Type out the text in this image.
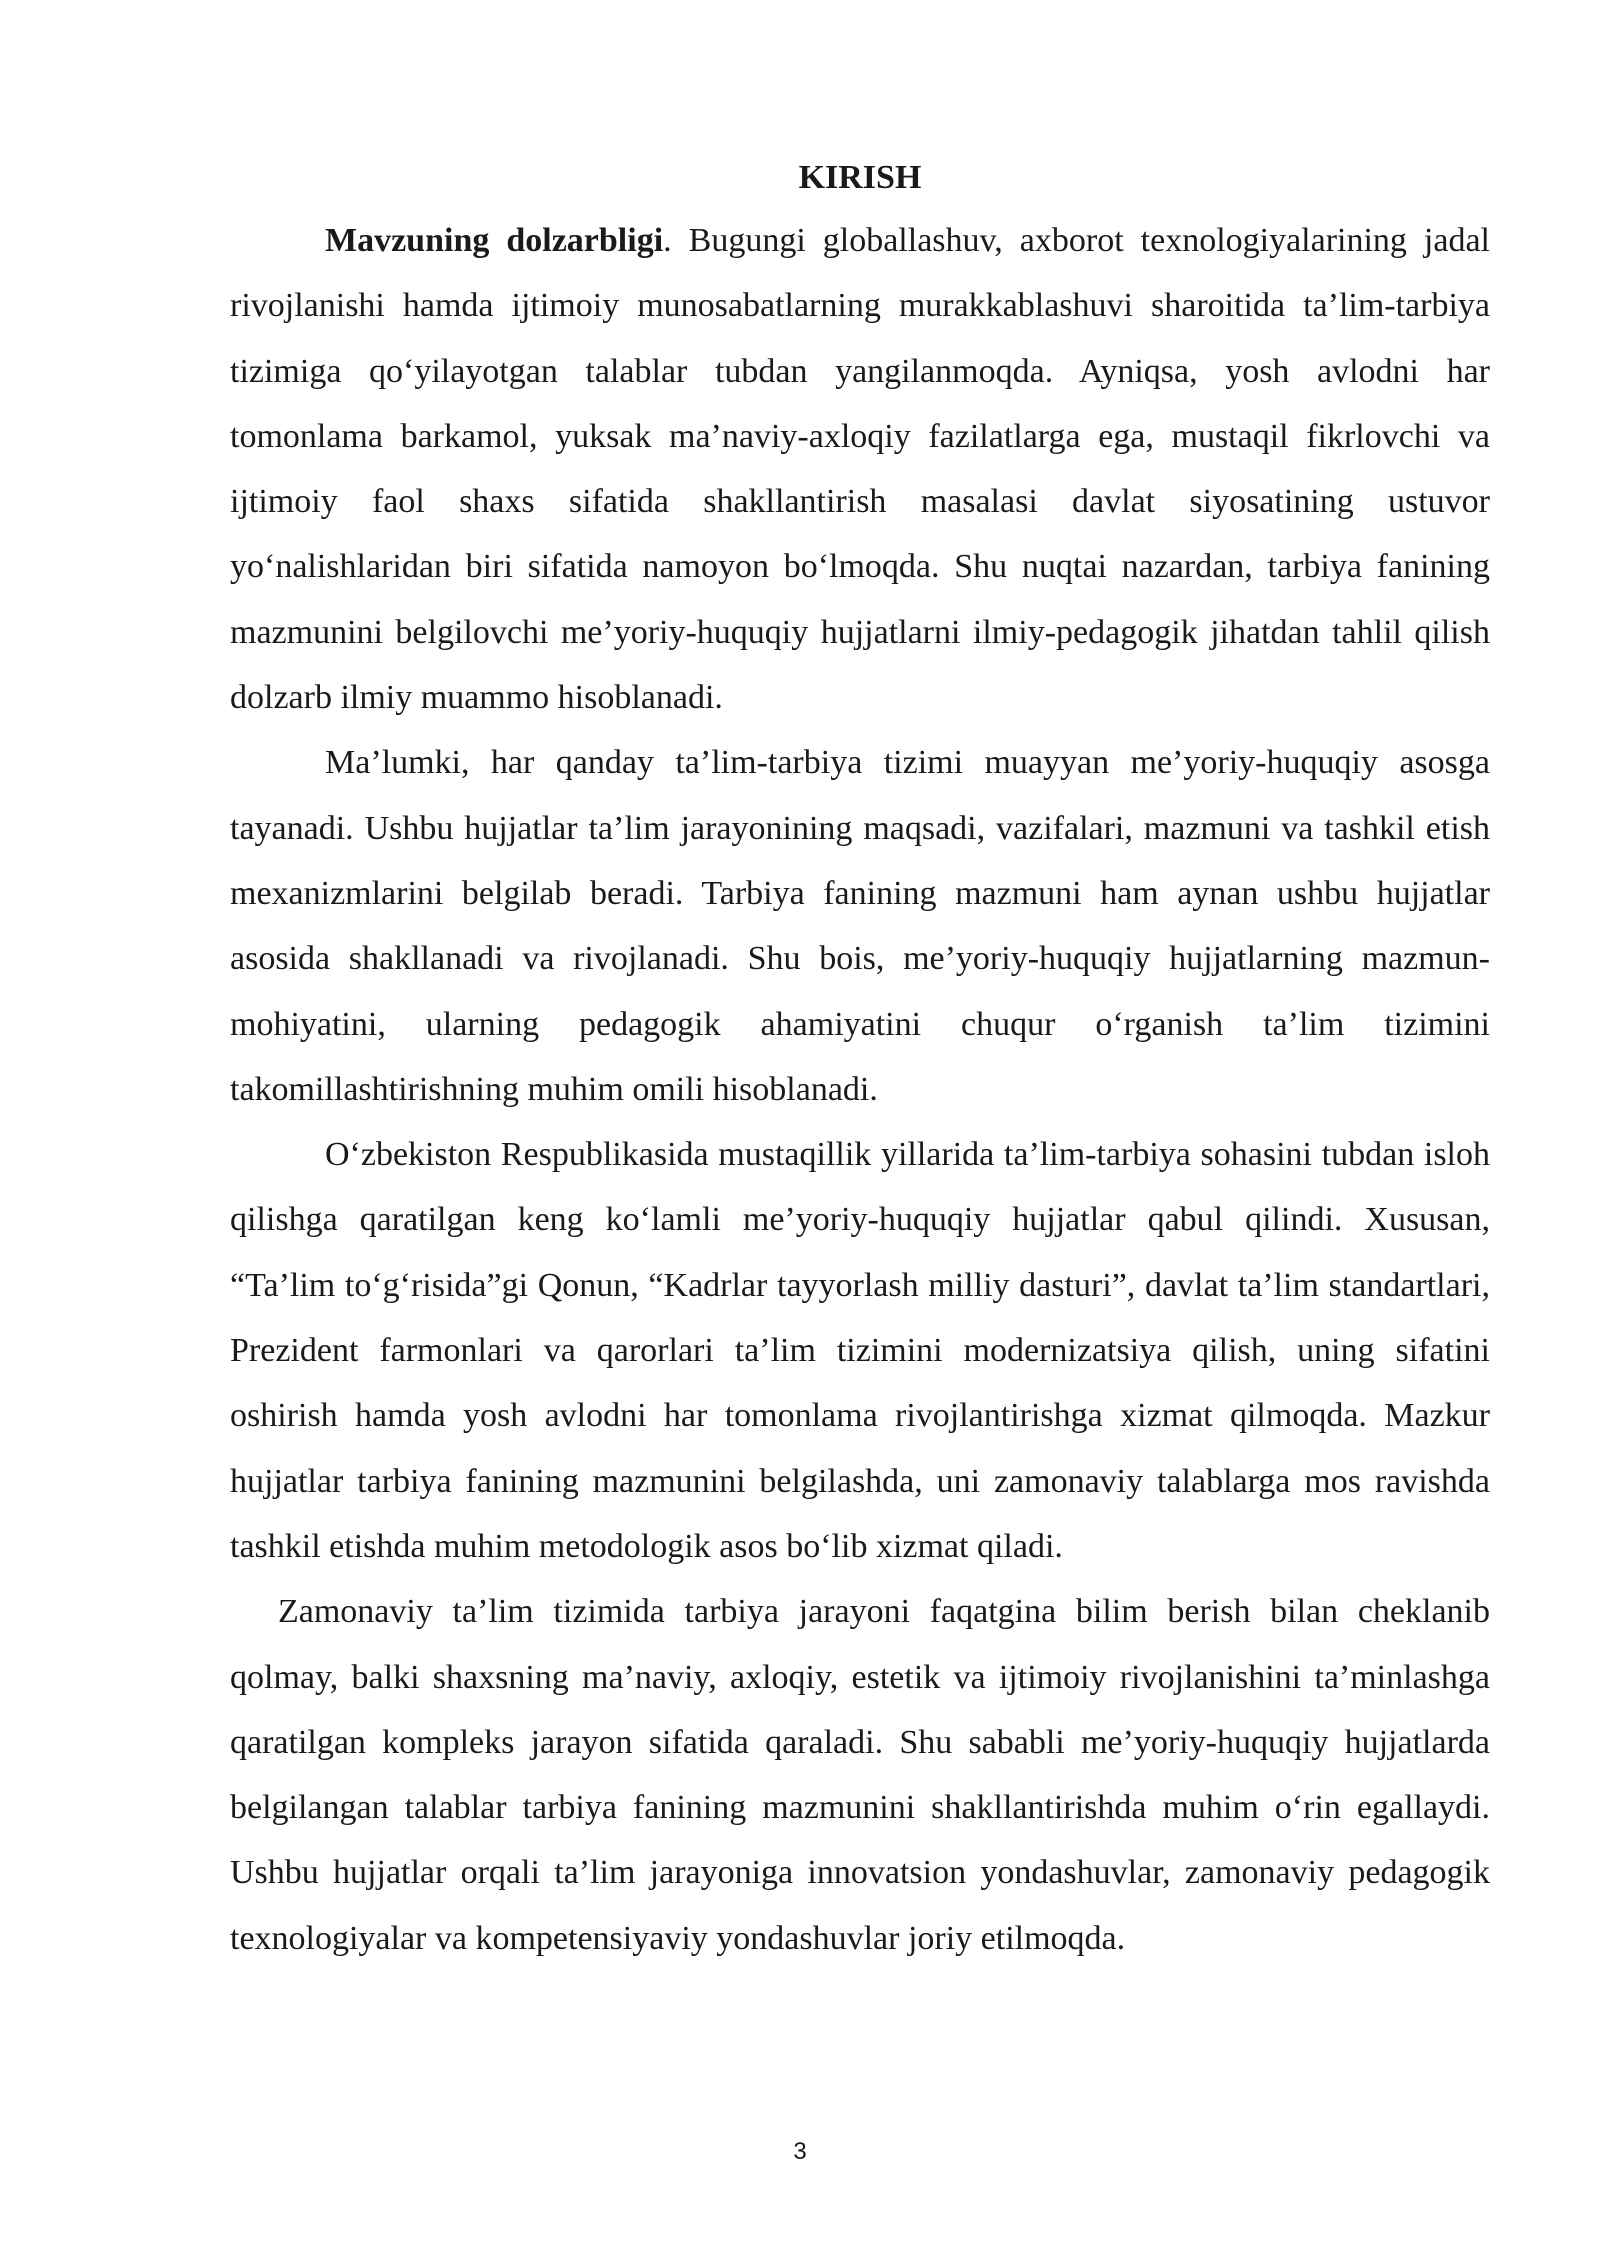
KIRISH

Mavzuning dolzarbligi. Bugungi globallashuv, axborot texnologiyalarining jadal rivojlanishi hamda ijtimoiy munosabatlarning murakkablashuvi sharoitida ta’lim-tarbiya tizimiga qo‘yilayotgan talablar tubdan yangilanmoqda. Ayniqsa, yosh avlodni har tomonlama barkamol, yuksak ma’naviy-axloqiy fazilatlarga ega, mustaqil fikrlovchi va ijtimoiy faol shaxs sifatida shakllantirish masalasi davlat siyosatining ustuvor yo‘nalishlaridan biri sifatida namoyon bo‘lmoqda. Shu nuqtai nazardan, tarbiya fanining mazmunini belgilovchi me’yoriy-huquqiy hujjatlarni ilmiy-pedagogik jihatdan tahlil qilish dolzarb ilmiy muammo hisoblanadi.

Ma’lumki, har qanday ta’lim-tarbiya tizimi muayyan me’yoriy-huquqiy asosga tayanadi. Ushbu hujjatlar ta’lim jarayonining maqsadi, vazifalari, mazmuni va tashkil etish mexanizmlarini belgilab beradi. Tarbiya fanining mazmuni ham aynan ushbu hujjatlar asosida shakllanadi va rivojlanadi. Shu bois, me’yoriy-huquqiy hujjatlarning mazmun-mohiyatini, ularning pedagogik ahamiyatini chuqur o‘rganish ta’lim tizimini takomillashtirishning muhim omili hisoblanadi.

O‘zbekiston Respublikasida mustaqillik yillarida ta’lim-tarbiya sohasini tubdan isloh qilishga qaratilgan keng ko‘lamli me’yoriy-huquqiy hujjatlar qabul qilindi. Xususan, “Ta’lim to‘g‘risida”gi Qonun, “Kadrlar tayyorlash milliy dasturi”, davlat ta’lim standartlari, Prezident farmonlari va qarorlari ta’lim tizimini modernizatsiya qilish, uning sifatini oshirish hamda yosh avlodni har tomonlama rivojlantirishga xizmat qilmoqda. Mazkur hujjatlar tarbiya fanining mazmunini belgilashda, uni zamonaviy talablarga mos ravishda tashkil etishda muhim metodologik asos bo‘lib xizmat qiladi.

Zamonaviy ta’lim tizimida tarbiya jarayoni faqatgina bilim berish bilan cheklanib qolmay, balki shaxsning ma’naviy, axloqiy, estetik va ijtimoiy rivojlanishini ta’minlashga qaratilgan kompleks jarayon sifatida qaraladi. Shu sababli me’yoriy-huquqiy hujjatlarda belgilangan talablar tarbiya fanining mazmunini shakllantirishda muhim o‘rin egallaydi. Ushbu hujjatlar orqali ta’lim jarayoniga innovatsion yondashuvlar, zamonaviy pedagogik texnologiyalar va kompetensiyaviy yondashuvlar joriy etilmoqda.

3
